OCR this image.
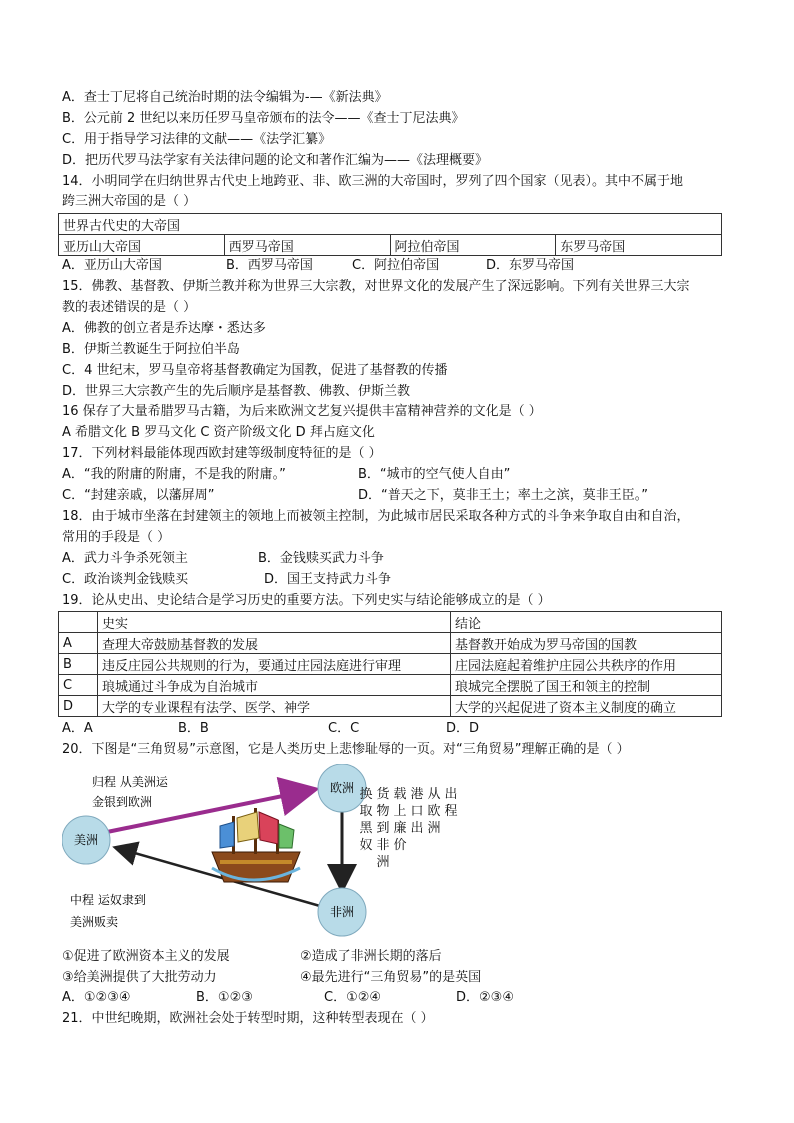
A．查士丁尼将自己统治时期的法令编辑为-—《新法典》
B．公元前 2 世纪以来历任罗马皇帝颁布的法令——《查士丁尼法典》
C．用于指导学习法律的文献——《法学汇纂》
D．把历代罗马法学家有关法律问题的论文和著作汇编为——《法理概要》
14．小明同学在归纳世界古代史上地跨亚、非、欧三洲的大帝国时，罗列了四个国家（见表）。其中不属于地
跨三洲大帝国的是（ ）
世界古代史的大帝国
亚历山大帝国	西罗马帝国	阿拉伯帝国	东罗马帝国
A．亚历山大帝国	B．西罗马帝国	C．阿拉伯帝国	D．东罗马帝国
15．佛教、基督教、伊斯兰教并称为世界三大宗教，对世界文化的发展产生了深远影响。下列有关世界三大宗
教的表述错误的是（ ）
A．佛教的创立者是乔达摩・悉达多
B．伊斯兰教诞生于阿拉伯半岛
C．4 世纪末，罗马皇帝将基督教确定为国教，促进了基督教的传播
D．世界三大宗教产生的先后顺序是基督教、佛教、伊斯兰教
16 保存了大量希腊罗马古籍，为后来欧洲文艺复兴提供丰富精神营养的文化是（ ）
A 希腊文化 B 罗马文化 C 资产阶级文化 D 拜占庭文化
17．下列材料最能体现西欧封建等级制度特征的是（ ）
A．“我的附庸的附庸，不是我的附庸。”	B．“城市的空气使人自由”
C．“封建亲戚，以藩屏周”	D．“普天之下，莫非王土；率土之滨，莫非王臣。”
18．由于城市坐落在封建领主的领地上而被领主控制，为此城市居民采取各种方式的斗争来争取自由和自治，
常用的手段是（ ）
A．武力斗争杀死领主	B．金钱赎买武力斗争
C．政治谈判金钱赎买	D．国王支持武力斗争
19．论从史出、史论结合是学习历史的重要方法。下列史实与结论能够成立的是（ ）
	史实	结论
A	查理大帝鼓励基督教的发展	基督教开始成为罗马帝国的国教
B	违反庄园公共规则的行为，要通过庄园法庭进行审理	庄园法庭起着维护庄园公共秩序的作用
C	琅城通过斗争成为自治城市	琅城完全摆脱了国王和领主的控制
D	大学的专业课程有法学、医学、神学	大学的兴起促进了资本主义制度的确立
A．A	B．B	C．C	D．D
20．下图是“三角贸易”示意图，它是人类历史上悲惨耻辱的一页。对“三角贸易”理解正确的是（ ）
欧洲
美洲
非洲
归程 从美洲运
金银到欧洲
中程 运奴隶到
美洲贩卖
换
取
黑
奴
货
物
到
非
洲
载
上
廉
价
港
口
出
从
欧
洲
出
程
①促进了欧洲资本主义的发展	②造成了非洲长期的落后
③给美洲提供了大批劳动力	④最先进行“三角贸易”的是英国
A．①②③④	B．①②③	C．①②④	D．②③④
21．中世纪晚期，欧洲社会处于转型时期，这种转型表现在（ ）
